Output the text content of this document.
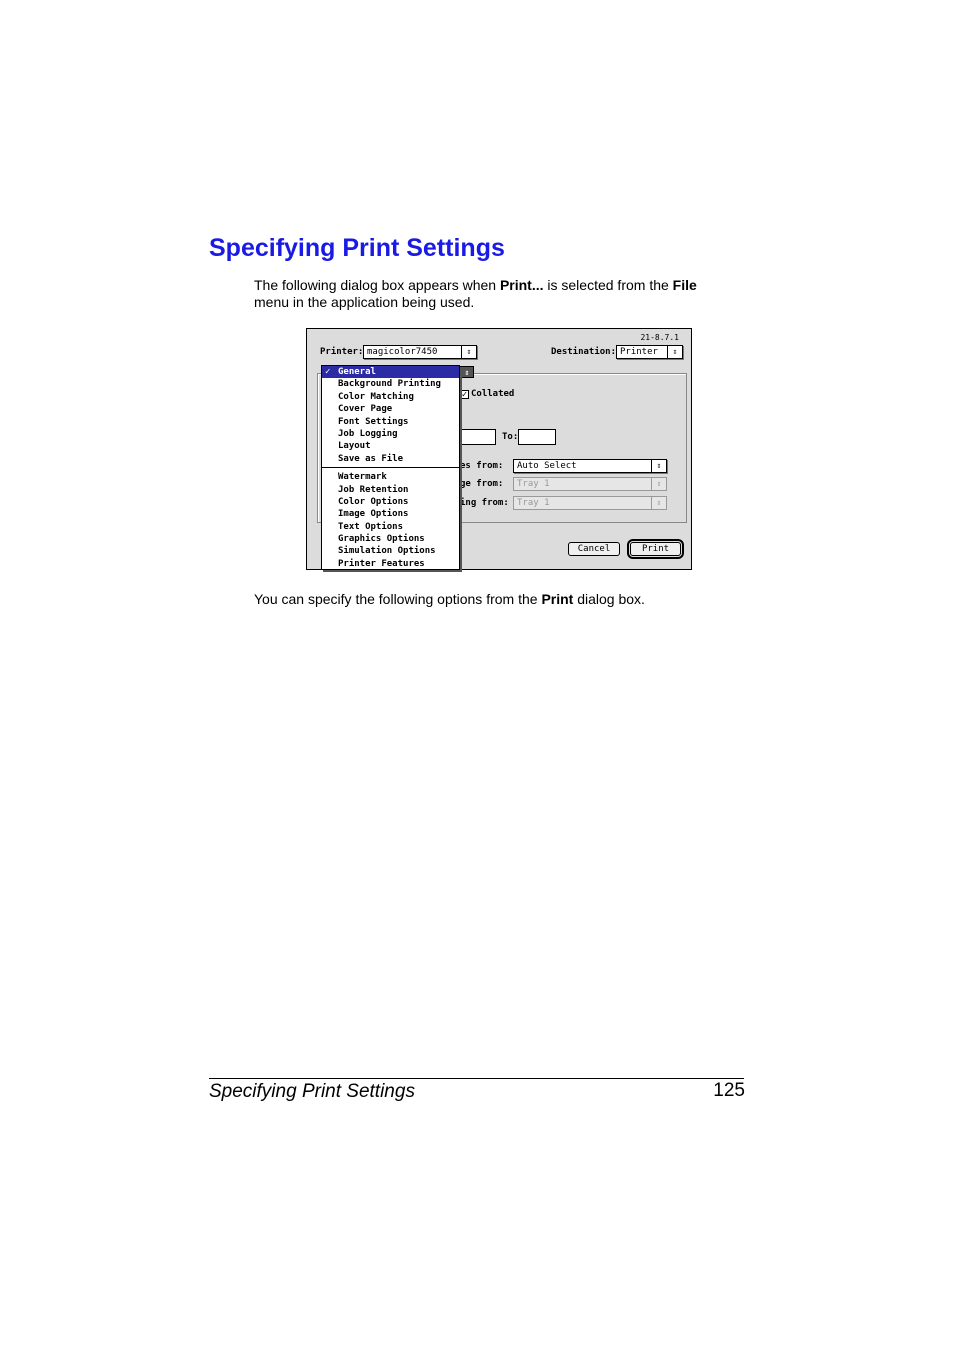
Specifying Print Settings

The following dialog box appears when Print... is selected from the File
menu in the application being used.

21-8.7.1
Printer: magicolor7450	⇕	Destination: Printer	⇕
✓ Collated
To:
es from:	Auto Select	⇕
ge from:	Tray 1	⇕
ing from: Tray 1	⇕
Cancel	Print
⇕
✓ General
Background Printing
Color Matching
Cover Page
Font Settings
Job Logging
Layout
Save as File
Watermark
Job Retention
Color Options
Image Options
Text Options
Graphics Options
Simulation Options
Printer Features

You can specify the following options from the Print dialog box.

Specifying Print Settings	125
